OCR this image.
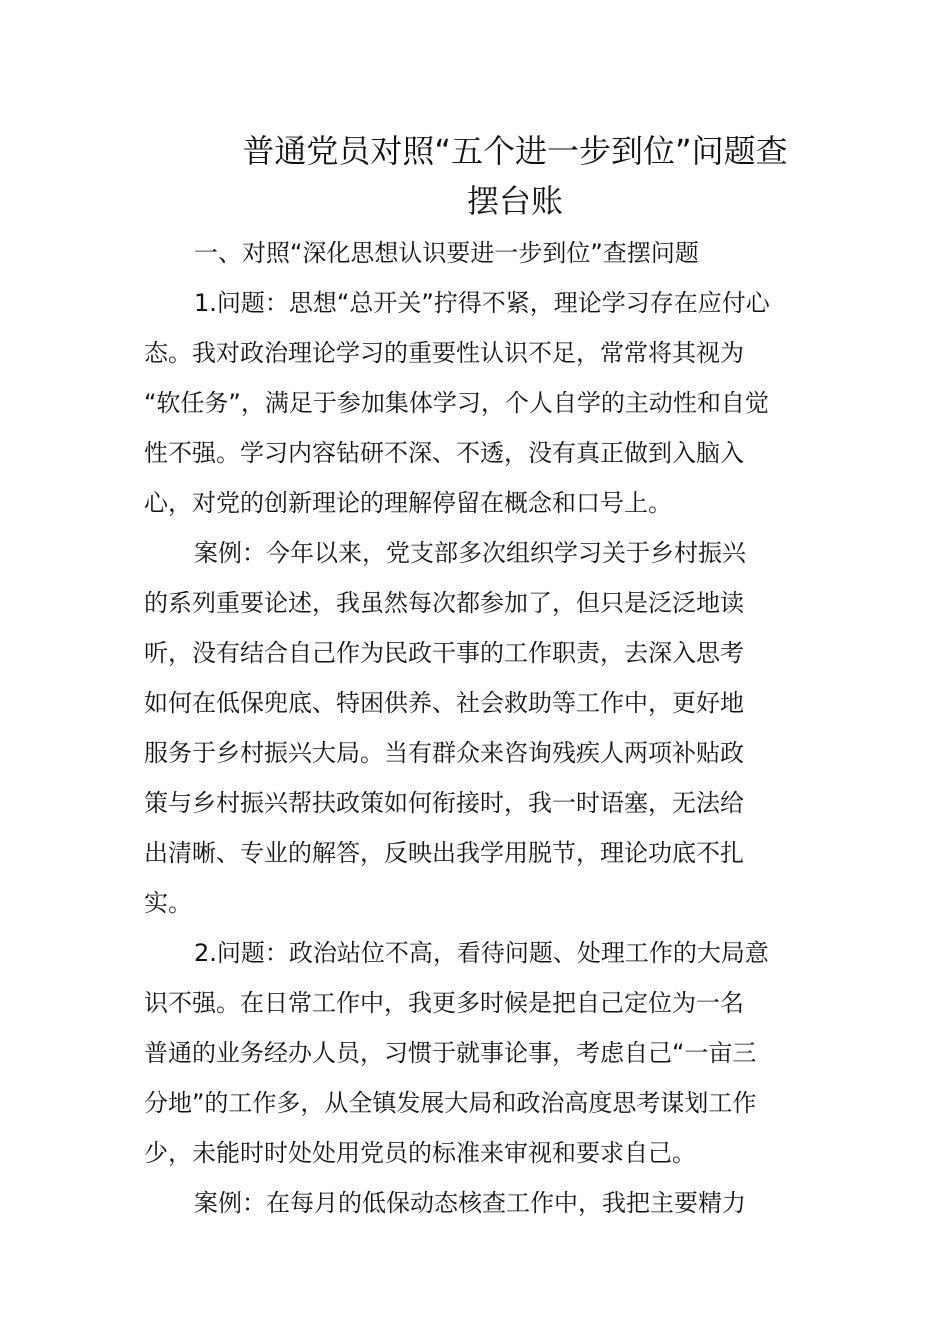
普通党员对照“五个进一步到位”问题查
摆台账

一、对照“深化思想认识要进一步到位”查摆问题

1.问题：思想“总开关”拧得不紧，理论学习存在应付心
态。我对政治理论学习的重要性认识不足，常常将其视为
“软任务”，满足于参加集体学习，个人自学的主动性和自觉
性不强。学习内容钻研不深、不透，没有真正做到入脑入
心，对党的创新理论的理解停留在概念和口号上。

案例：今年以来，党支部多次组织学习关于乡村振兴
的系列重要论述，我虽然每次都参加了，但只是泛泛地读
听，没有结合自己作为民政干事的工作职责，去深入思考
如何在低保兜底、特困供养、社会救助等工作中，更好地
服务于乡村振兴大局。当有群众来咨询残疾人两项补贴政
策与乡村振兴帮扶政策如何衔接时，我一时语塞，无法给
出清晰、专业的解答，反映出我学用脱节，理论功底不扎
实。

2.问题：政治站位不高，看待问题、处理工作的大局意
识不强。在日常工作中，我更多时候是把自己定位为一名
普通的业务经办人员，习惯于就事论事，考虑自己“一亩三
分地”的工作多，从全镇发展大局和政治高度思考谋划工作
少，未能时时处处用党员的标准来审视和要求自己。

案例：在每月的低保动态核查工作中，我把主要精力
